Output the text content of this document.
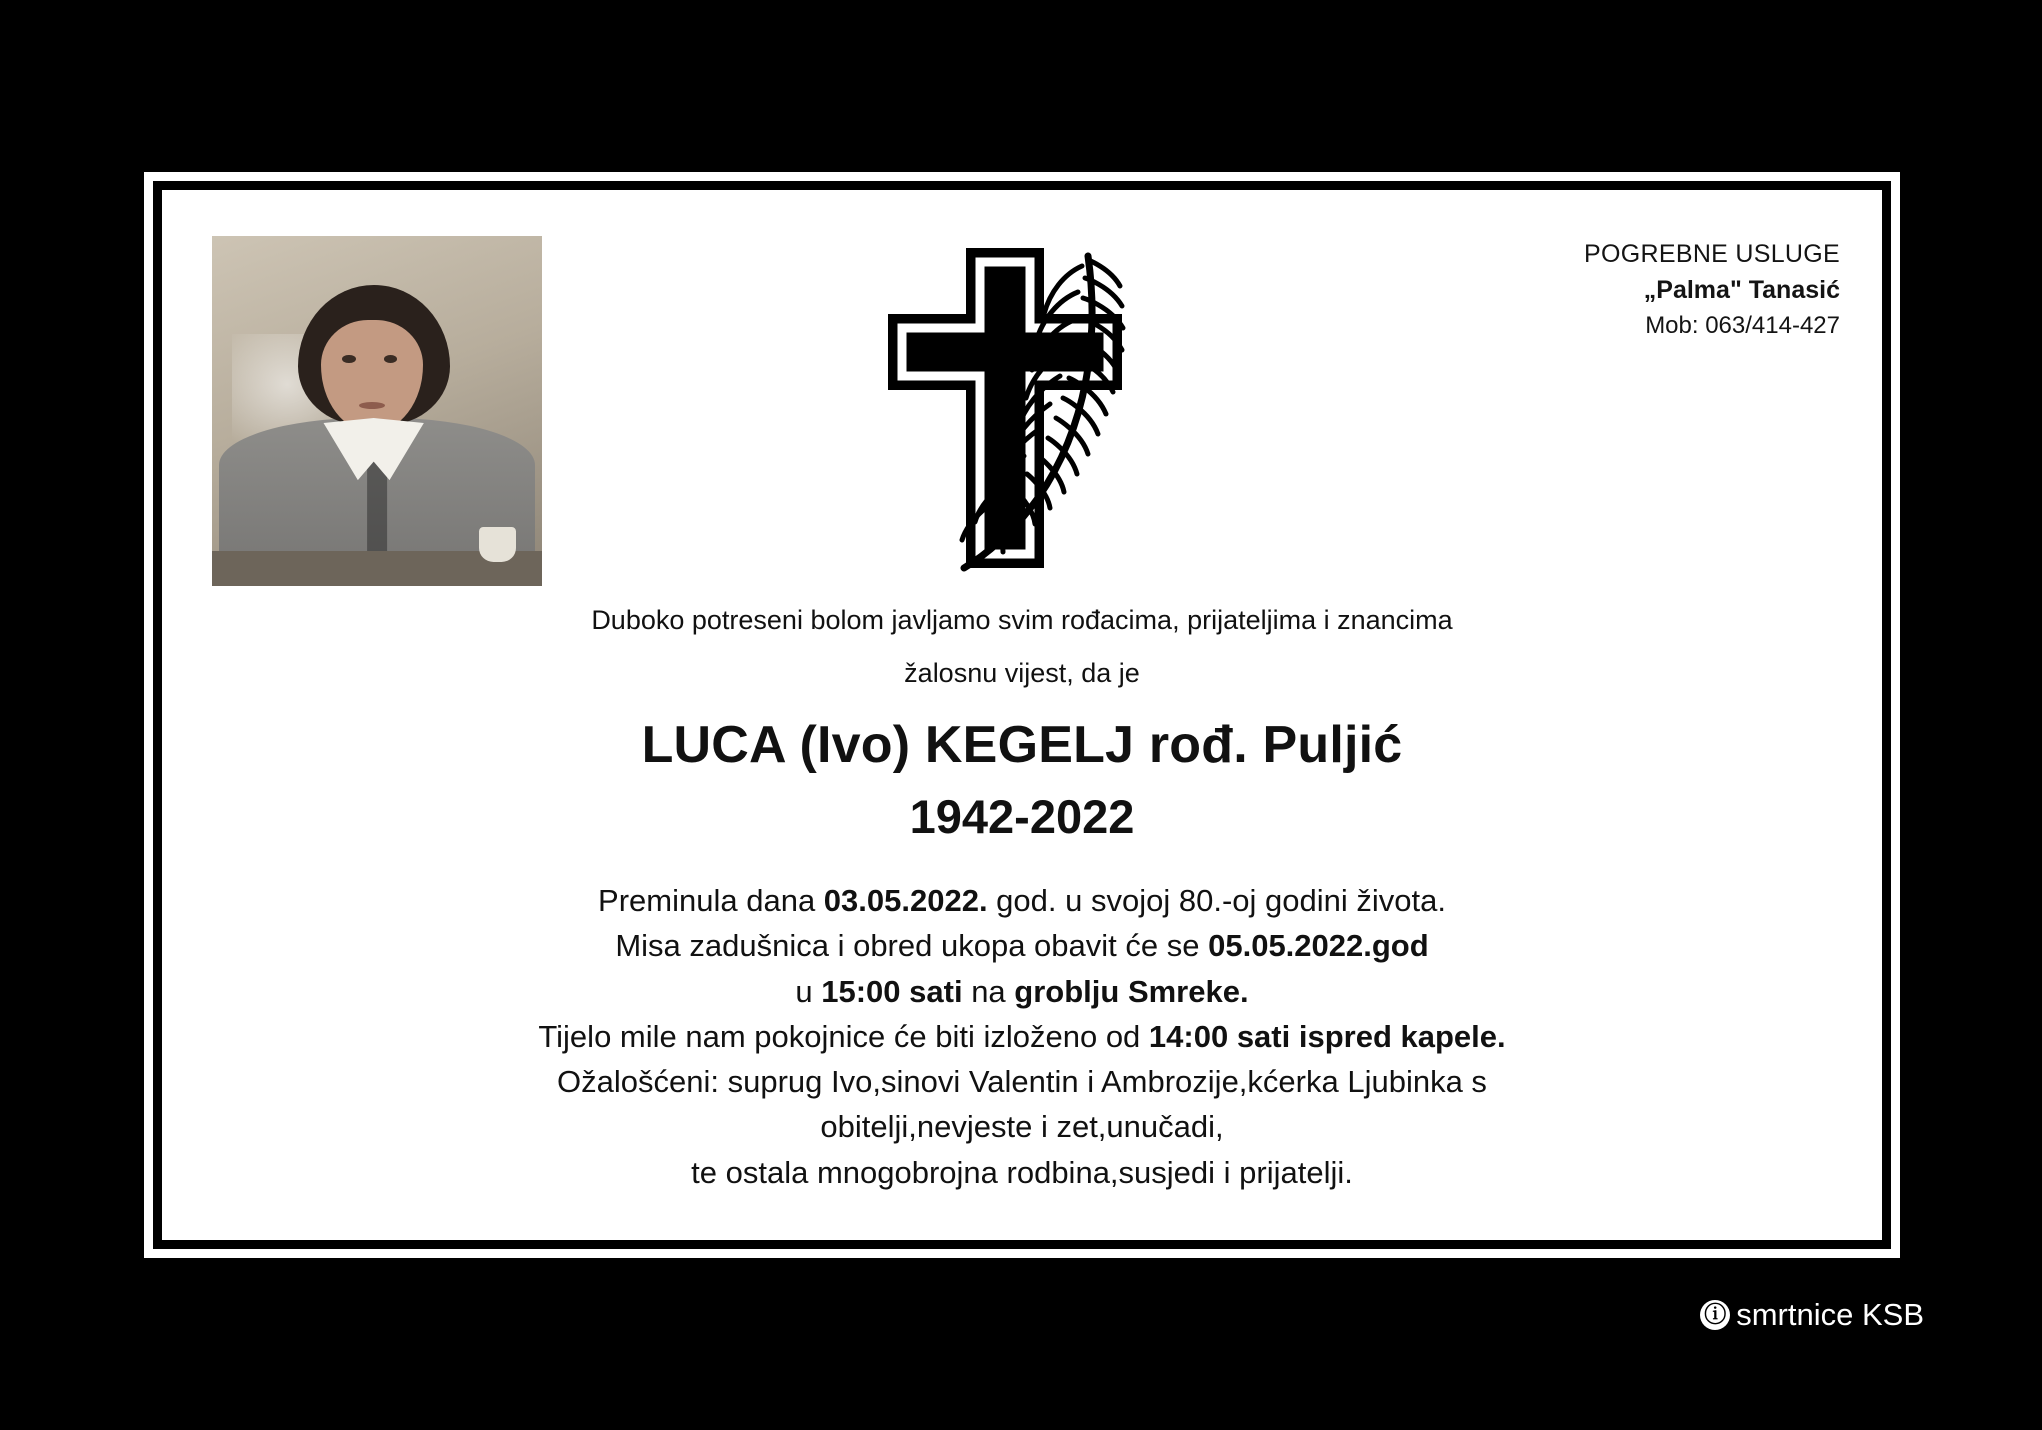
POGREBNE USLUGE
„Palma" Tanasić
Mob: 063/414-427
Duboko potreseni bolom javljamo svim rođacima, prijateljima i znancima
žalosnu vijest, da je
LUCA (Ivo) KEGELJ rođ. Puljić
1942-2022
Preminula dana 03.05.2022. god. u svojoj 80.-oj godini života.
Misa zadušnica i obred ukopa obavit će se 05.05.2022.god
u 15:00 sati na groblju Smreke.
Tijelo mile nam pokojnice će biti izloženo od 14:00 sati ispred kapele.
Ožalošćeni: suprug Ivo,sinovi Valentin i Ambrozije,kćerka Ljubinka s
obitelji,nevjeste i zet,unučadi,
te ostala mnogobrojna rodbina,susjedi i prijatelji.
ⓘ smrtnice KSB
